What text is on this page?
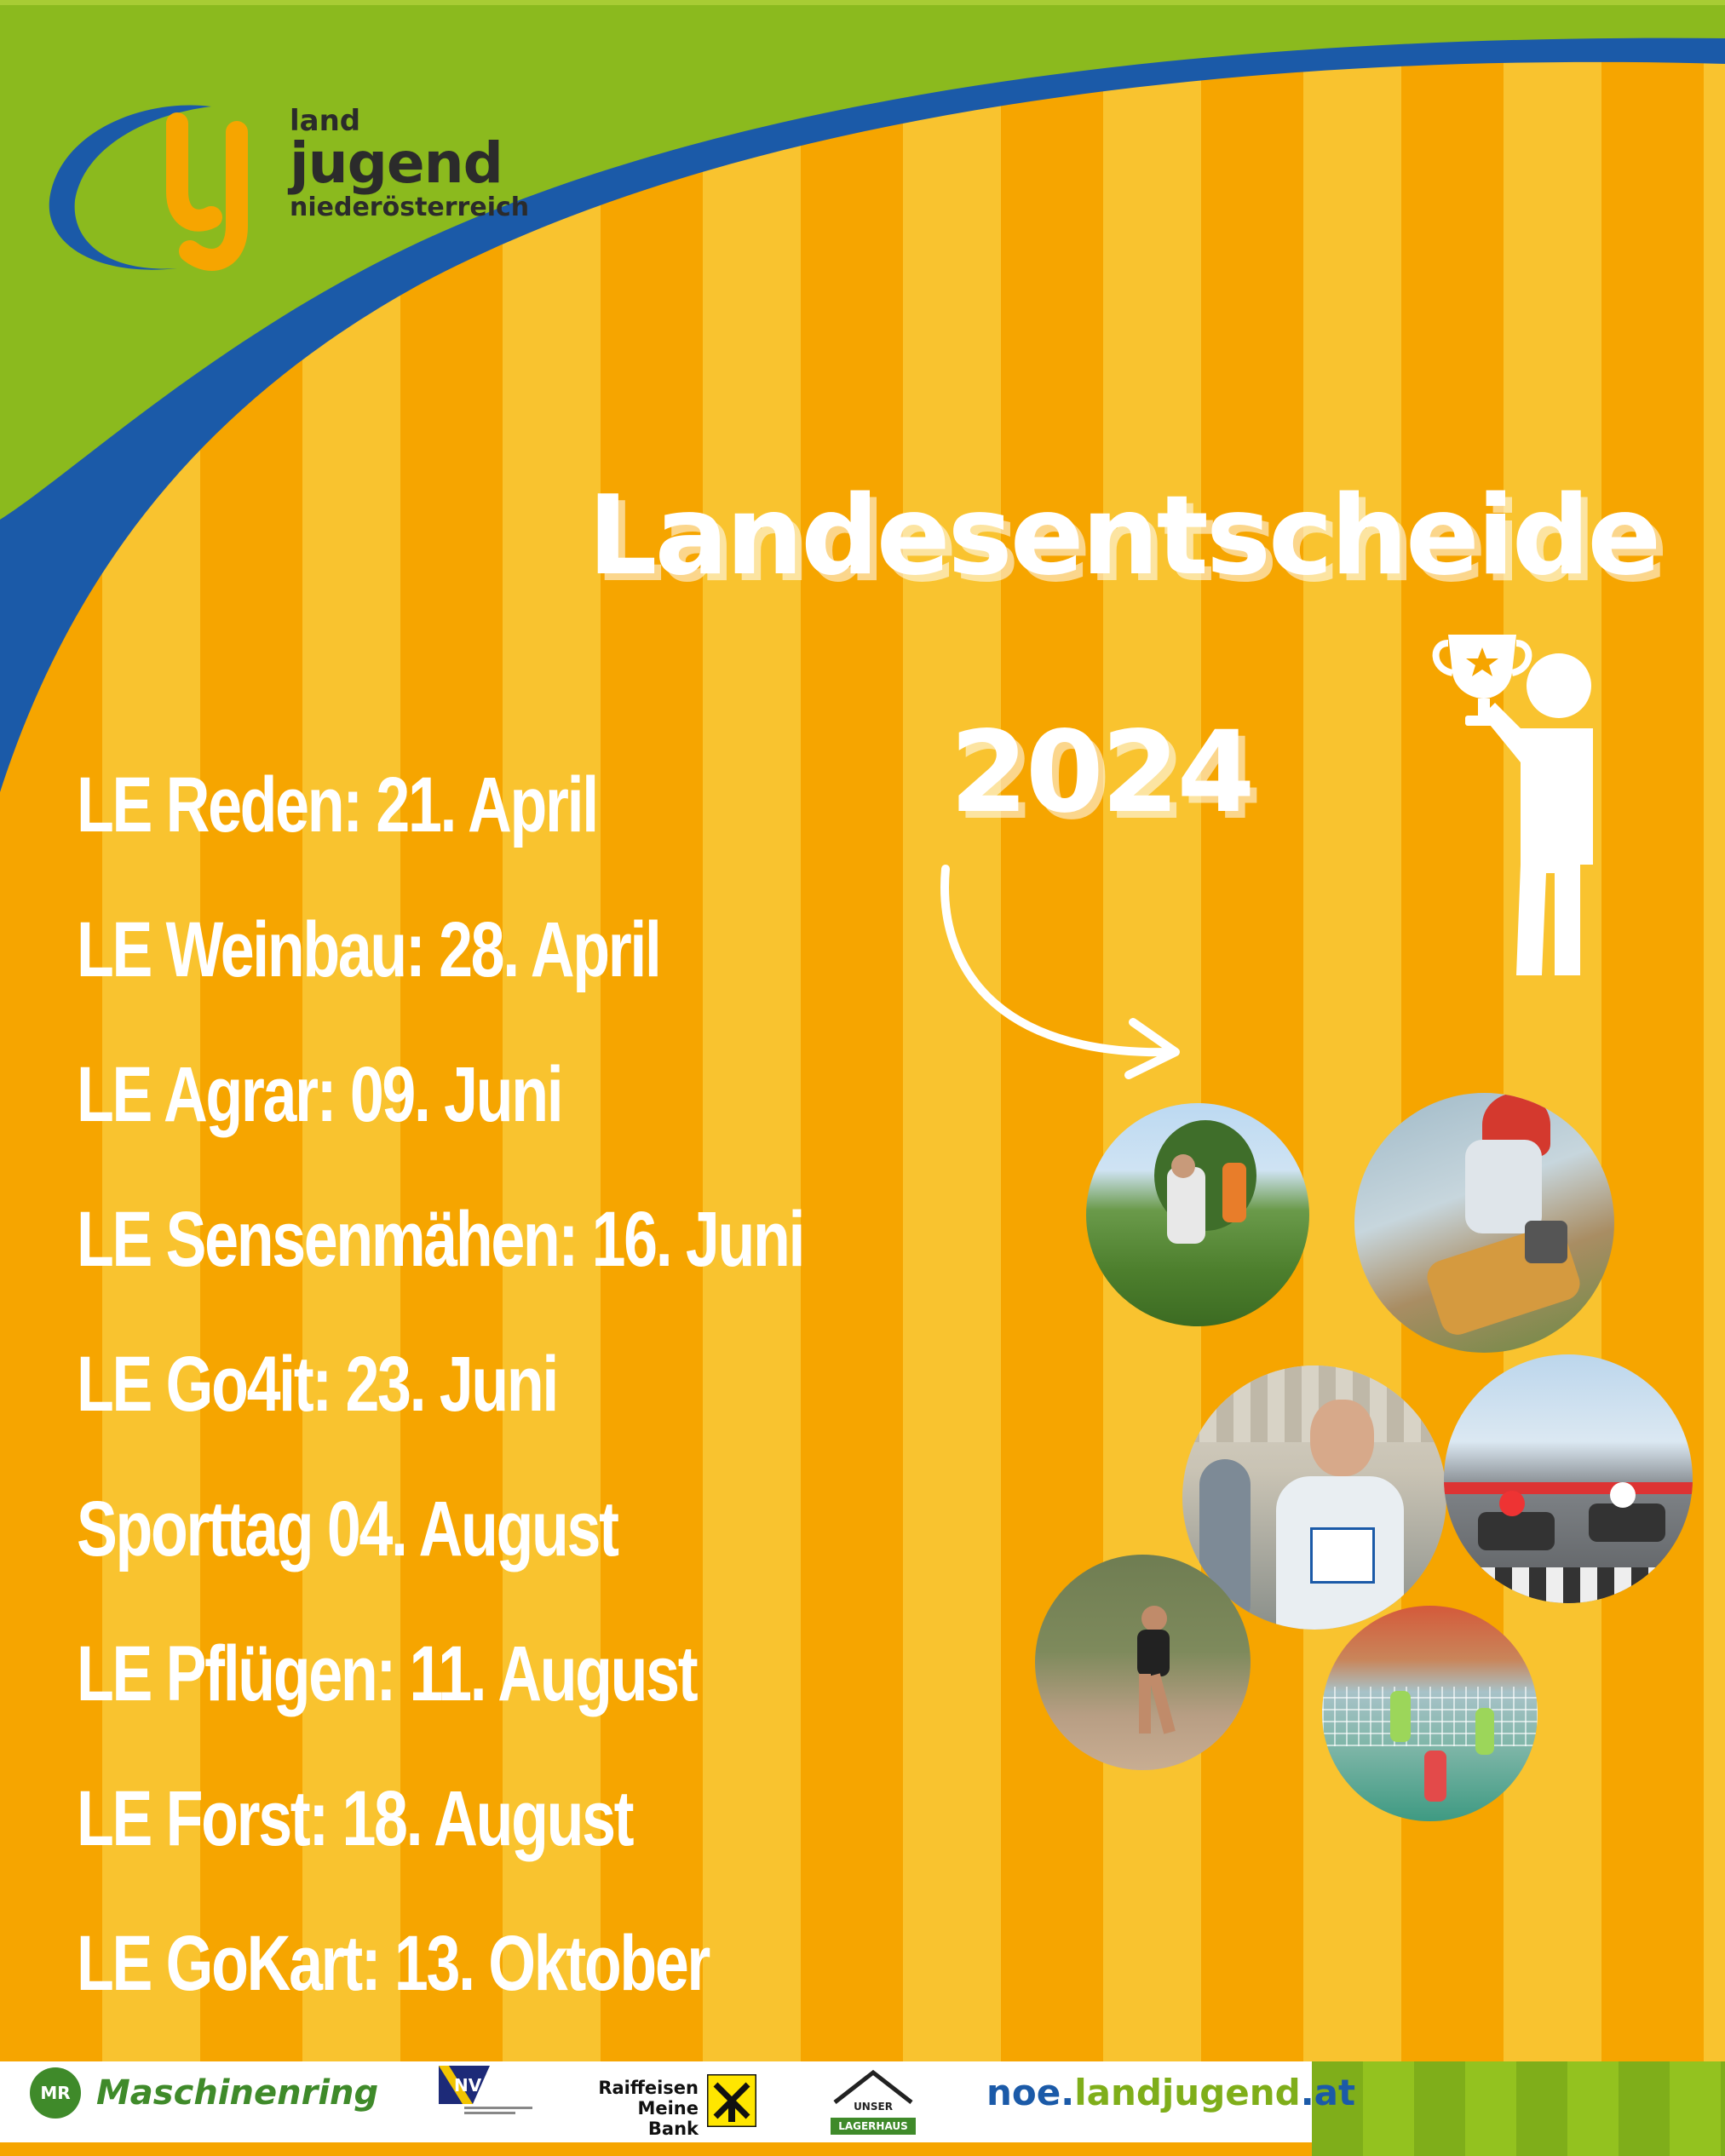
land
jugend
niederösterreich
Landesentscheide
2024
LE Reden: 21. April
LE Weinbau: 28. April
LE Agrar: 09. Juni
LE Sensenmähen: 16. Juni
LE Go4it: 23. Juni
Sporttag 04. August
LE Pflügen: 11. August
LE Forst: 18. August
LE GoKart: 13. Oktober
MR Maschinenring	NV	Raiffeisen
Meine Bank
UNSER
LAGERHAUS
noe.landjugend.at
